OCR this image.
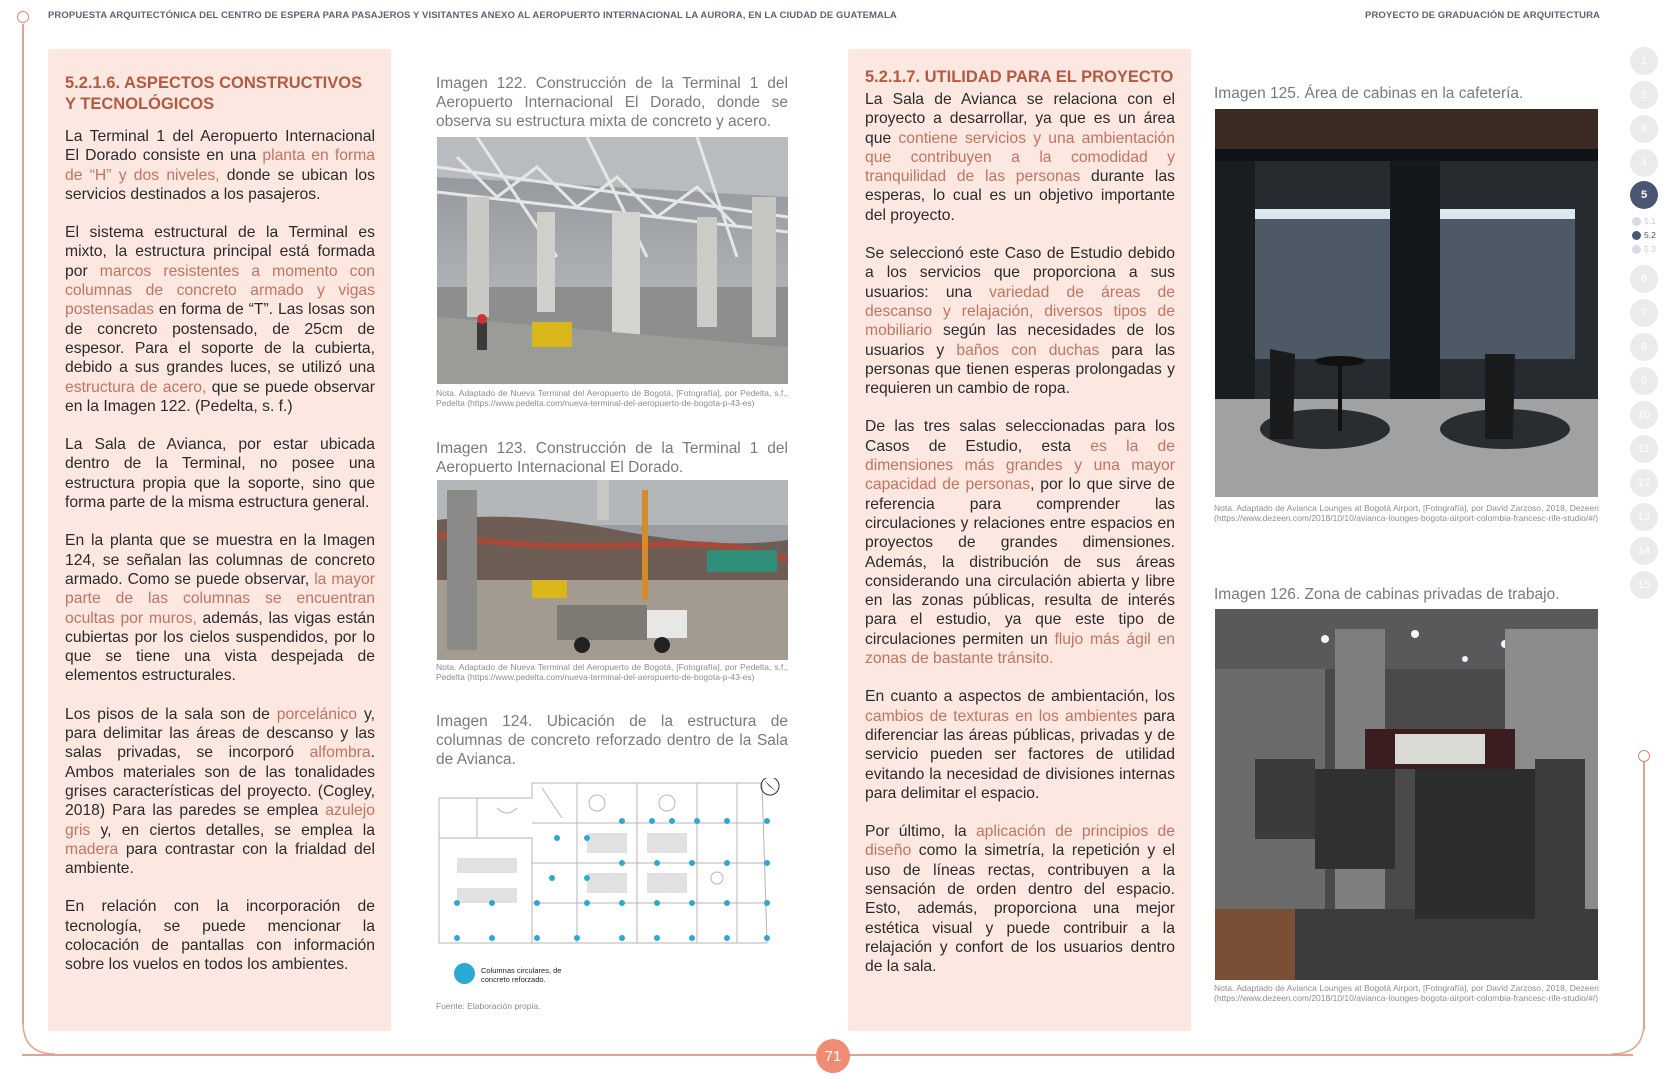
PROPUESTA ARQUITECTÓNICA DEL CENTRO DE ESPERA PARA PASAJEROS Y VISITANTES ANEXO AL AEROPUERTO INTERNACIONAL LA AURORA, EN LA CIUDAD DE GUATEMALA	PROYECTO DE GRADUACIÓN DE ARQUITECTURA
5.2.1.6. ASPECTOS CONSTRUCTIVOS Y TECNOLÓGICOS

La Terminal 1 del Aeropuerto Internacional El Dorado consiste en una planta en forma de “H” y dos niveles, donde se ubican los servicios destinados a los pasajeros.

El sistema estructural de la Terminal es mixto, la estructura principal está formada por marcos resistentes a momento con columnas de concreto armado y vigas postensadas en forma de “T”. Las losas son de concreto postensado, de 25cm de espesor. Para el soporte de la cubierta, debido a sus grandes luces, se utilizó una estructura de acero, que se puede observar en la Imagen 122. (Pedelta, s. f.)

La Sala de Avianca, por estar ubicada dentro de la Terminal, no posee una estructura propia que la soporte, sino que forma parte de la misma estructura general.

En la planta que se muestra en la Imagen 124, se señalan las columnas de concreto armado. Como se puede observar, la mayor parte de las columnas se encuentran ocultas por muros, además, las vigas están cubiertas por los cielos suspendidos, por lo que se tiene una vista despejada de elementos estructurales.

Los pisos de la sala son de porcelánico y, para delimitar las áreas de descanso y las salas privadas, se incorporó alfombra. Ambos materiales son de las tonalidades grises características del proyecto. (Cogley, 2018) Para las paredes se emplea azulejo gris y, en ciertos detalles, se emplea la madera para contrastar con la frialdad del ambiente.

En relación con la incorporación de tecnología, se puede mencionar la colocación de pantallas con información sobre los vuelos en todos los ambientes.

Imagen 122. Construcción de la Terminal 1 del Aeropuerto Internacional El Dorado, donde se observa su estructura mixta de concreto y acero.

Nota. Adaptado de Nueva Terminal del Aeropuerto de Bogotá, [Fotografía], por Pedelta, s.f., Pedelta (https://www.pedelta.com/nueva-terminal-del-aeropuerto-de-bogota-p-43-es)

Imagen 123. Construcción de la Terminal 1 del Aeropuerto Internacional El Dorado.

Nota. Adaptado de Nueva Terminal del Aeropuerto de Bogotá, [Fotografía], por Pedelta, s.f., Pedelta (https://www.pedelta.com/nueva-terminal-del-aeropuerto-de-bogota-p-43-es)

Imagen 124. Ubicación de la estructura de columnas de concreto reforzado dentro de la Sala de Avianca.

Columnas circulares, de concreto reforzado.
Fuente: Elaboración propia.
5.2.1.7. UTILIDAD PARA EL PROYECTO

La Sala de Avianca se relaciona con el proyecto a desarrollar, ya que es un área que contiene servicios y una ambientación que contribuyen a la comodidad y tranquilidad de las personas durante las esperas, lo cual es un objetivo importante del proyecto.

Se seleccionó este Caso de Estudio debido a los servicios que proporciona a sus usuarios: una variedad de áreas de descanso y relajación, diversos tipos de mobiliario según las necesidades de los usuarios y baños con duchas para las personas que tienen esperas prolongadas y requieren un cambio de ropa.

De las tres salas seleccionadas para los Casos de Estudio, esta es la de dimensiones más grandes y una mayor capacidad de personas, por lo que sirve de referencia para comprender las circulaciones y relaciones entre espacios en proyectos de grandes dimensiones. Además, la distribución de sus áreas considerando una circulación abierta y libre en las zonas públicas, resulta de interés para el estudio, ya que este tipo de circulaciones permiten un flujo más ágil en zonas de bastante tránsito.

En cuanto a aspectos de ambientación, los cambios de texturas en los ambientes para diferenciar las áreas públicas, privadas y de servicio pueden ser factores de utilidad evitando la necesidad de divisiones internas para delimitar el espacio.

Por último, la aplicación de principios de diseño como la simetría, la repetición y el uso de líneas rectas, contribuyen a la sensación de orden dentro del espacio. Esto, además, proporciona una mejor estética visual y puede contribuir a la relajación y confort de los usuarios dentro de la sala.

Imagen 125. Área de cabinas en la cafetería.

Nota. Adaptado de Avianca Lounges at Bogotá Airport, [Fotografía], por David Zarzoso, 2018, Dezeen (https://www.dezeen.com/2018/10/10/avianca-lounges-bogota-airport-colombia-francesc-rife-studio/#/)

Imagen 126. Zona de cabinas privadas de trabajo.

Nota. Adaptado de Avianca Lounges at Bogotá Airport, [Fotografía], por David Zarzoso, 2018, Dezeen (https://www.dezeen.com/2018/10/10/avianca-lounges-bogota-airport-colombia-francesc-rife-studio/#/)

1
2
3
4
5
5.1
5.2
5.3
6
7
8
9
10
11
12
13
14
15
71
